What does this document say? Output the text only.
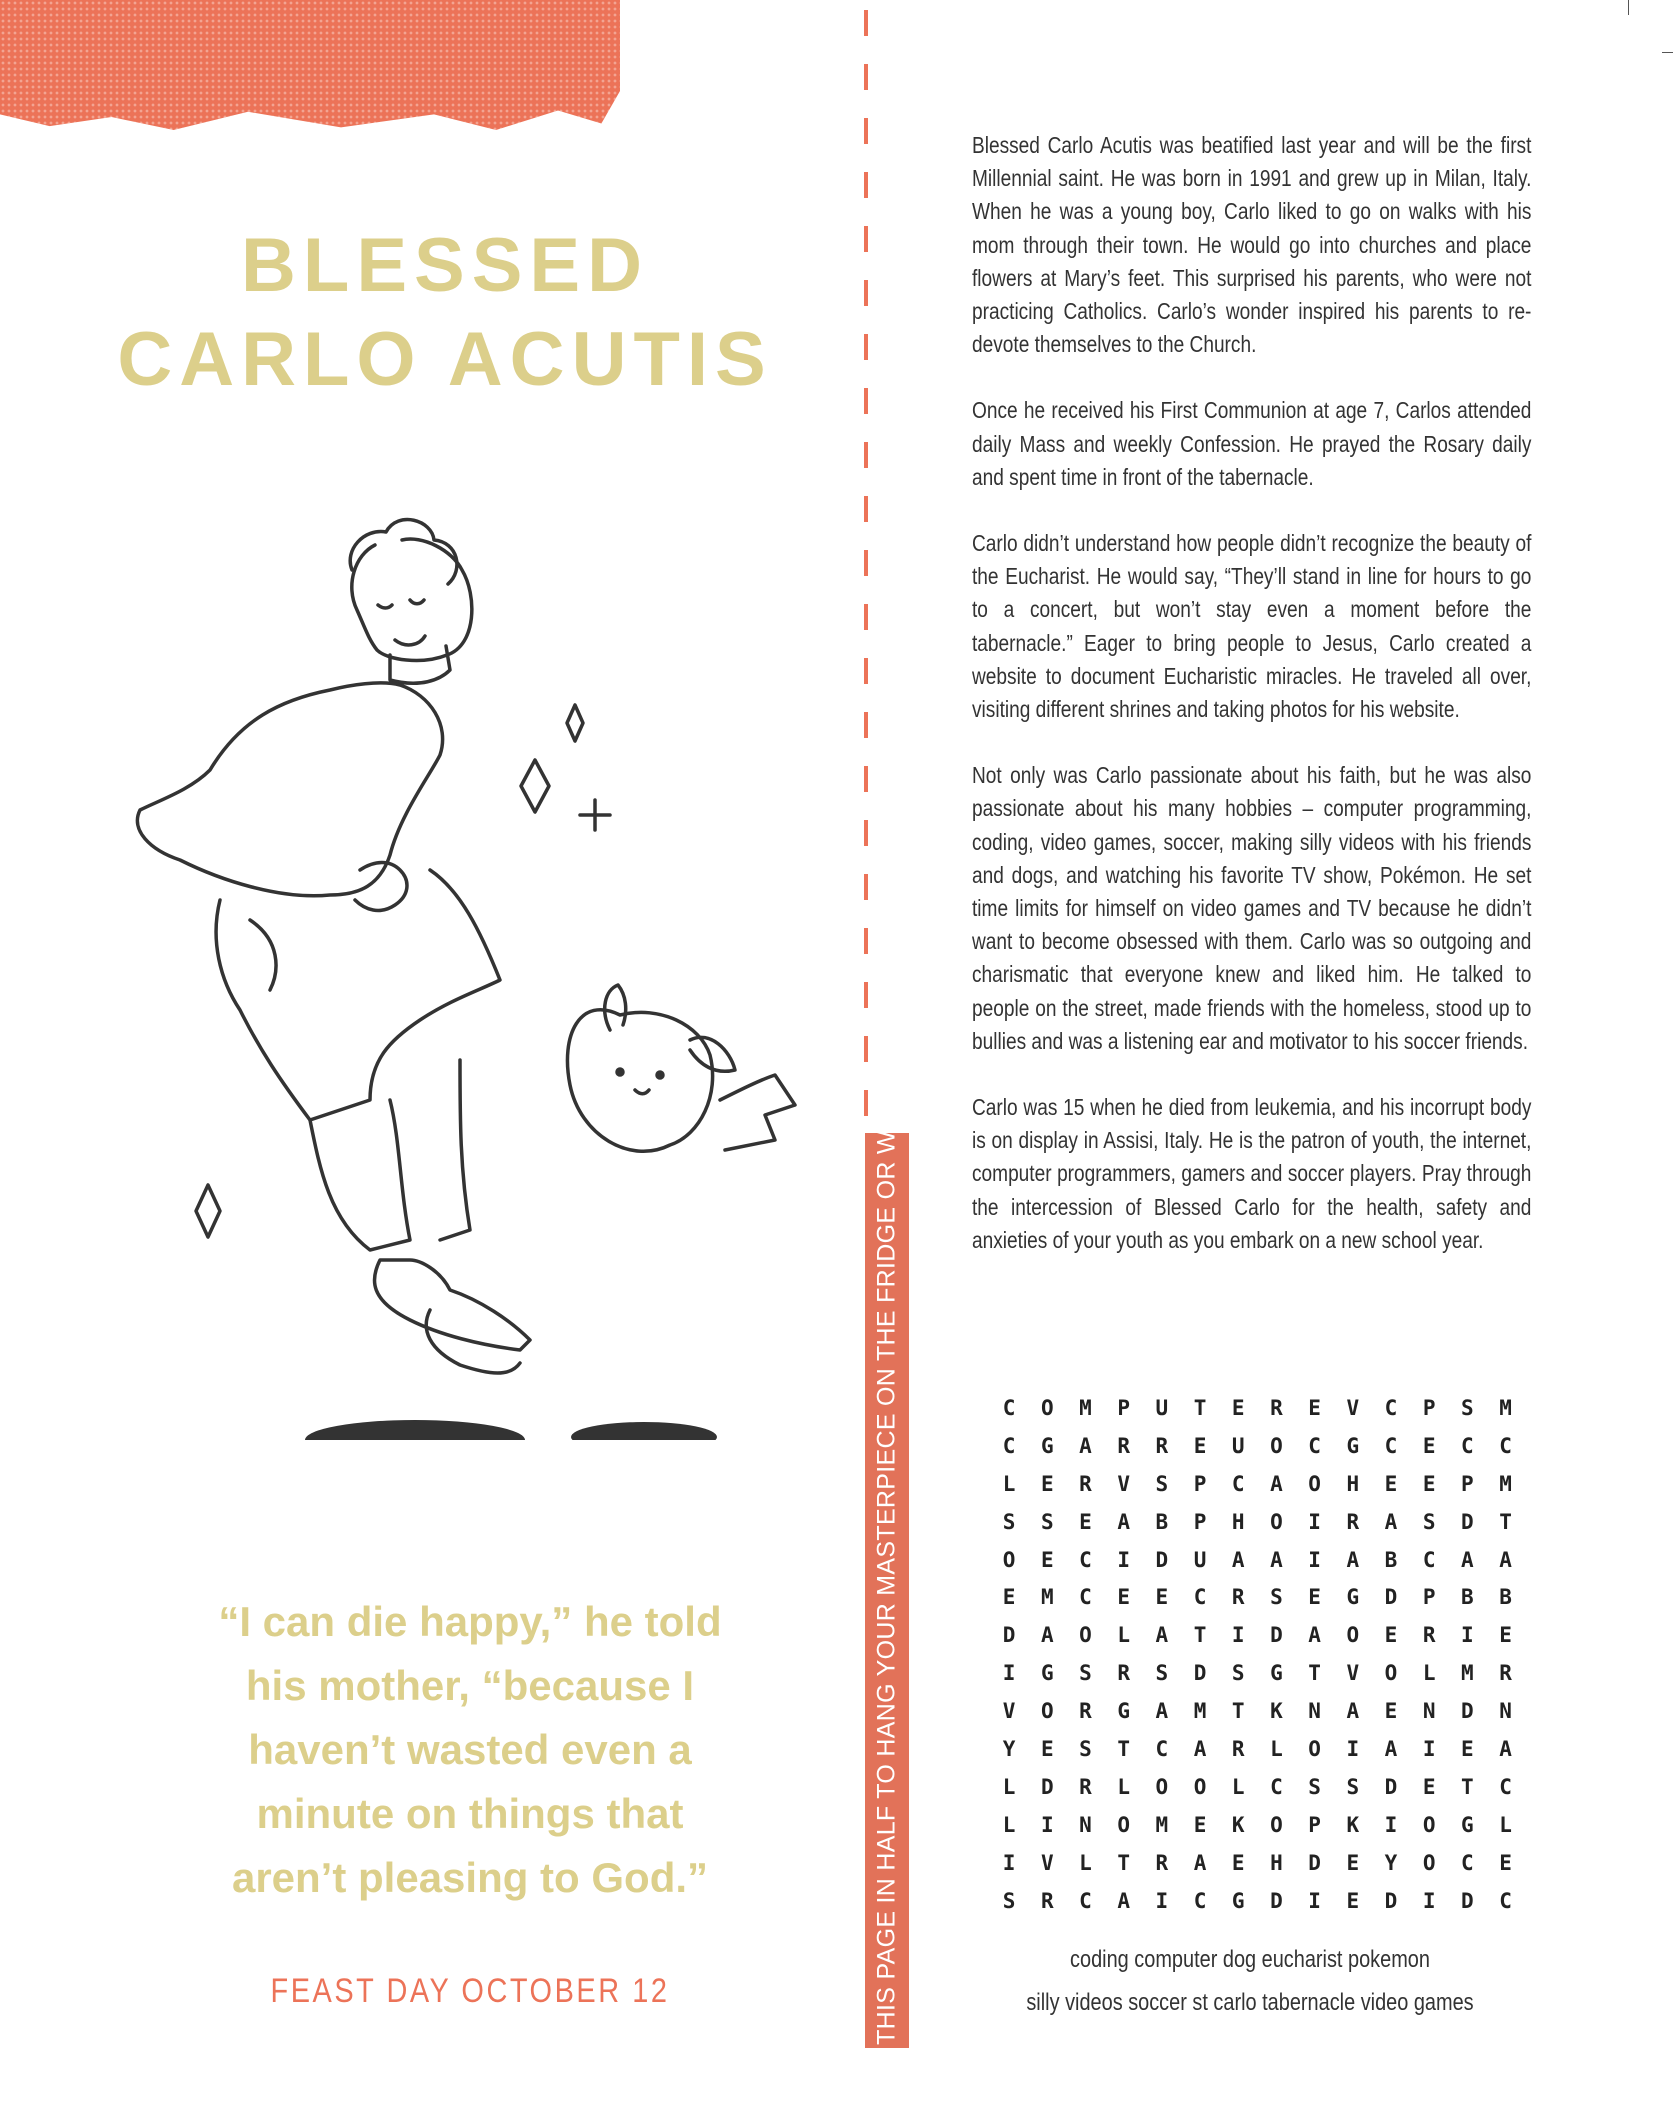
BLESSED
CARLO ACUTIS
“I can die happy,” he told
his mother, “because I
haven’t wasted even a
minute on things that
aren’t pleasing to God.”
FEAST DAY OCTOBER 12	CUT THIS PAGE IN HALF TO HANG YOUR MASTERPIECE ON THE FRIDGE OR WALL!

Blessed Carlo Acutis was beatified last year and will be the first Millennial saint. He was born in 1991 and grew up in Milan, Italy. When he was a young boy, Carlo liked to go on walks with his mom through their town. He would go into churches and place flowers at Mary’s feet. This surprised his parents, who were not practicing Catholics. Carlo’s wonder inspired his parents to re-devote themselves to the Church.

Once he received his First Communion at age 7, Carlos attended daily Mass and weekly Confession. He prayed the Rosary daily and spent time in front of the tabernacle.

Carlo didn’t understand how people didn’t recognize the beauty of the Eucharist. He would say, “They’ll stand in line for hours to go to a concert, but won’t stay even a moment before the tabernacle.” Eager to bring people to Jesus, Carlo created a website to document Eucharistic miracles. He traveled all over, visiting different shrines and taking photos for his website.

Not only was Carlo passionate about his faith, but he was also passionate about his many hobbies – computer programming, coding, video games, soccer, making silly videos with his friends and dogs, and watching his favorite TV show, Pokémon. He set time limits for himself on video games and TV because he didn’t want to become obsessed with them. Carlo was so outgoing and charismatic that everyone knew and liked him. He talked to people on the street, made friends with the homeless, stood up to bullies and was a listening ear and motivator to his soccer friends.

Carlo was 15 when he died from leukemia, and his incorrupt body is on display in Assisi, Italy. He is the patron of youth, the internet, computer programmers, gamers and soccer players. Pray through the intercession of Blessed Carlo for the health, safety and anxieties of your youth as you embark on a new school year.

C	O	M	P	U	T	E	R	E	V	C	P	S	M
C	G	A	R	R	E	U	O	C	G	C	E	C	C
L	E	R	V	S	P	C	A	O	H	E	E	P	M
S	S	E	A	B	P	H	O	I	R	A	S	D	T
O	E	C	I	D	U	A	A	I	A	B	C	A	A
E	M	C	E	E	C	R	S	E	G	D	P	B	B
D	A	O	L	A	T	I	D	A	O	E	R	I	E
I	G	S	R	S	D	S	G	T	V	O	L	M	R
V	O	R	G	A	M	T	K	N	A	E	N	D	N
Y	E	S	T	C	A	R	L	O	I	A	I	E	A
L	D	R	L	O	O	L	C	S	S	D	E	T	C
L	I	N	O	M	E	K	O	P	K	I	O	G	L
I	V	L	T	R	A	E	H	D	E	Y	O	C	E
S	R	C	A	I	C	G	D	I	E	D	I	D	C
coding computer dog eucharist pokemon
silly videos soccer st carlo tabernacle video games
